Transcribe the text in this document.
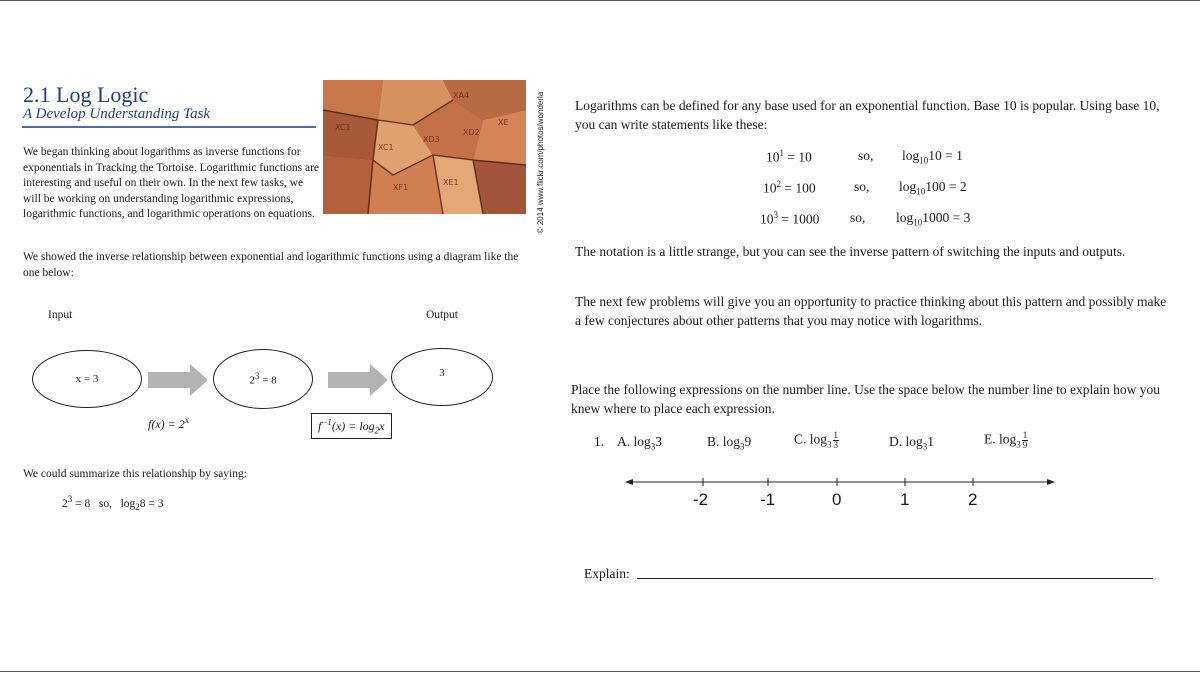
2.1 Log Logic
A Develop Understanding Task
XA4
XD2
XD3
XC1
XF1
XE1
XC1
XE	© 2014 www.flickr.com/photos/wonderla
We began thinking about logarithms as inverse functions for exponentials in Tracking the Tortoise. Logarithmic functions are interesting and useful on their own. In the next few tasks, we will be working on understanding logarithmic expressions, logarithmic functions, and logarithmic operations on equations.
We showed the inverse relationship between exponential and logarithmic functions using a diagram like the one below:
Input	Output
x = 3	$2^3 = 8$
3
$f(x) = 2^x$	$f^{-1}(x) = \log_2x$
We could summarize this relationship by saying:
$2^3 = 8$   so,   $\log_28 = 3$
Logarithms can be defined for any base used for an exponential function. Base 10 is popular. Using base 10, you can write statements like these:
$10^1 = 10$	so, $\log_{10}10 = 1$
$10^2 = 100$	so, $\log_{10}100 = 2$
$10^3 = 1000$ so, $\log_{10}1000 = 3$
The notation is a little strange, but you can see the inverse pattern of switching the inputs and outputs.
The next few problems will give you an opportunity to practice thinking about this pattern and possibly make a few conjectures about other patterns that you may notice with logarithms.
Place the following expressions on the number line. Use the space below the number line to explain how you knew where to place each expression.
1. A. $\log_33$	B. $\log_39$	C. $\log_3 \frac{1}{3}$	D. $\log_31$	E. $\log_3 \frac{1}{9}$
-2	-1	0	1	2
Explain:
